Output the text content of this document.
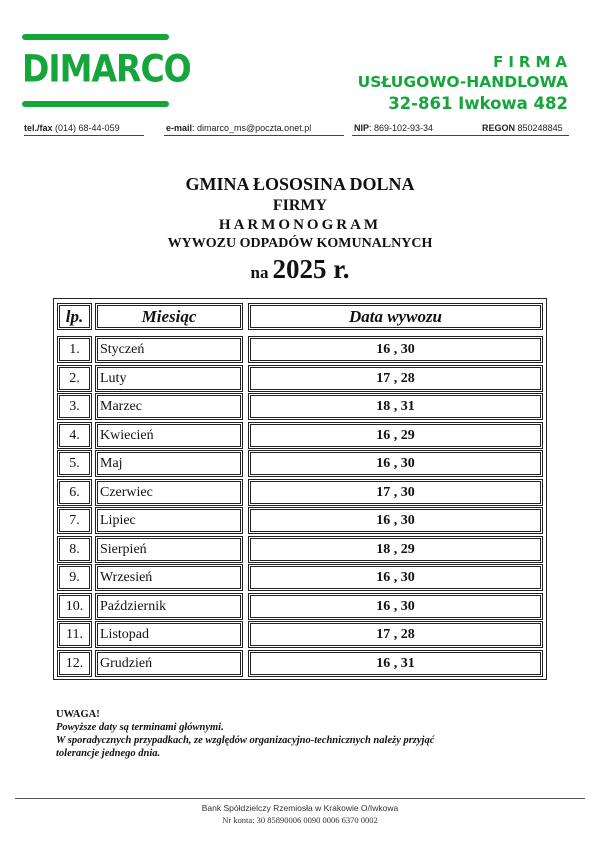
DIMARCO	FIRMA
USŁUGOWO-HANDLOWA
32-861 Iwkowa 482
tel./fax (014) 68-44-059	e-mail: dimarco_ms@poczta.onet.pl	NIP: 869-102-93-34	REGON 850248845
GMINA ŁOSOSINA DOLNA
FIRMY
HARMONOGRAM
WYWOZU ODPADÓW KOMUNALNYCH
na 2025 r.
lp.	Miesiąc	Data wywozu
1.	Styczeń	16 , 30
2.	Luty	17 , 28
3.	Marzec	18 , 31
4.	Kwiecień	16 , 29
5.	Maj	16 , 30
6.	Czerwiec	17 , 30
7.	Lipiec	16 , 30
8.	Sierpień	18 , 29
9.	Wrzesień	16 , 30
10.	Październik	16 , 30
11.	Listopad	17 , 28
12.	Grudzień	16 , 31
UWAGA!
Powyższe daty są terminami głównymi.
W sporadycznych przypadkach, ze względów organizacyjno-technicznych należy przyjąć
tolerancje jednego dnia.
Bank Spółdzielczy Rzemiosła w Krakowie O/Iwkowa
Nr konta: 30 85890006 0090 0006 6370 0002
